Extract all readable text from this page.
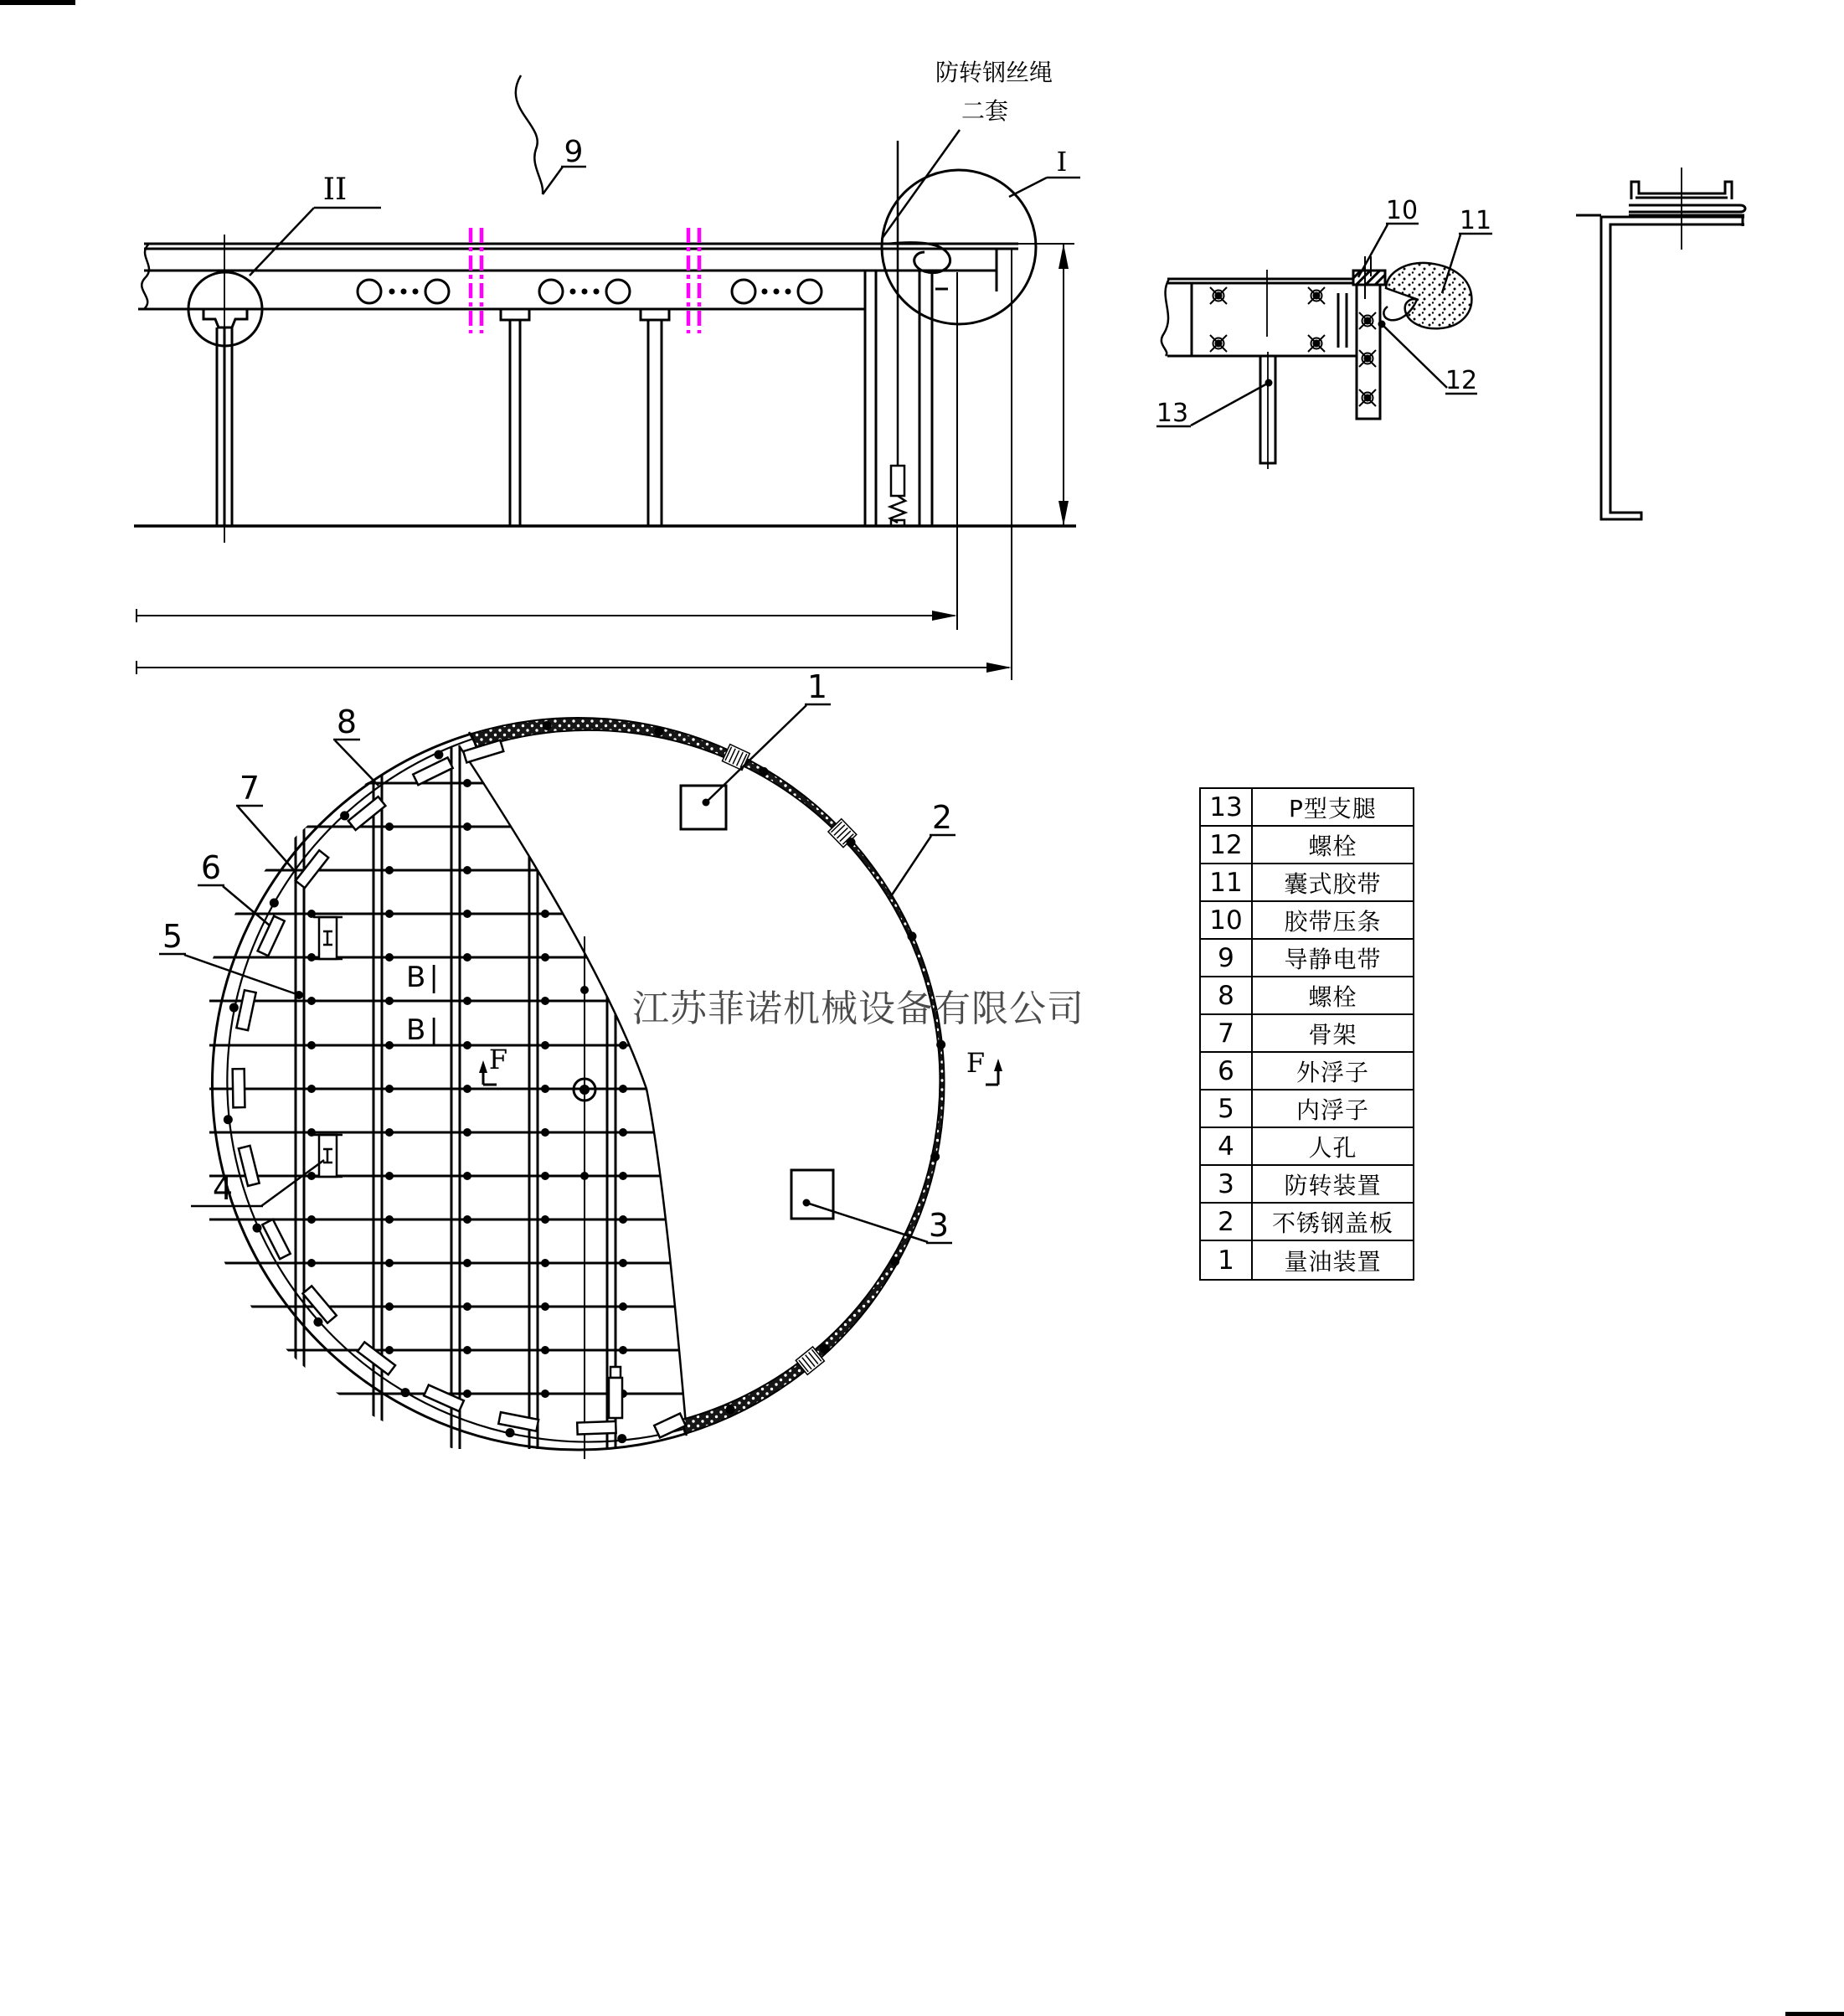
江苏菲诺机械设备有限公司
II
9	I
防转钢丝绳
二套
10 11
12
13
1
2
3
4
5
6
7
8
B|
B|
F	F
13	P型支腿
12	螺栓
11	囊式胶带
10	胶带压条
9	导静电带
8	螺栓
7	骨架
6	外浮子
5	内浮子
4	人孔
3	防转装置
2	不锈钢盖板
1	量油装置
